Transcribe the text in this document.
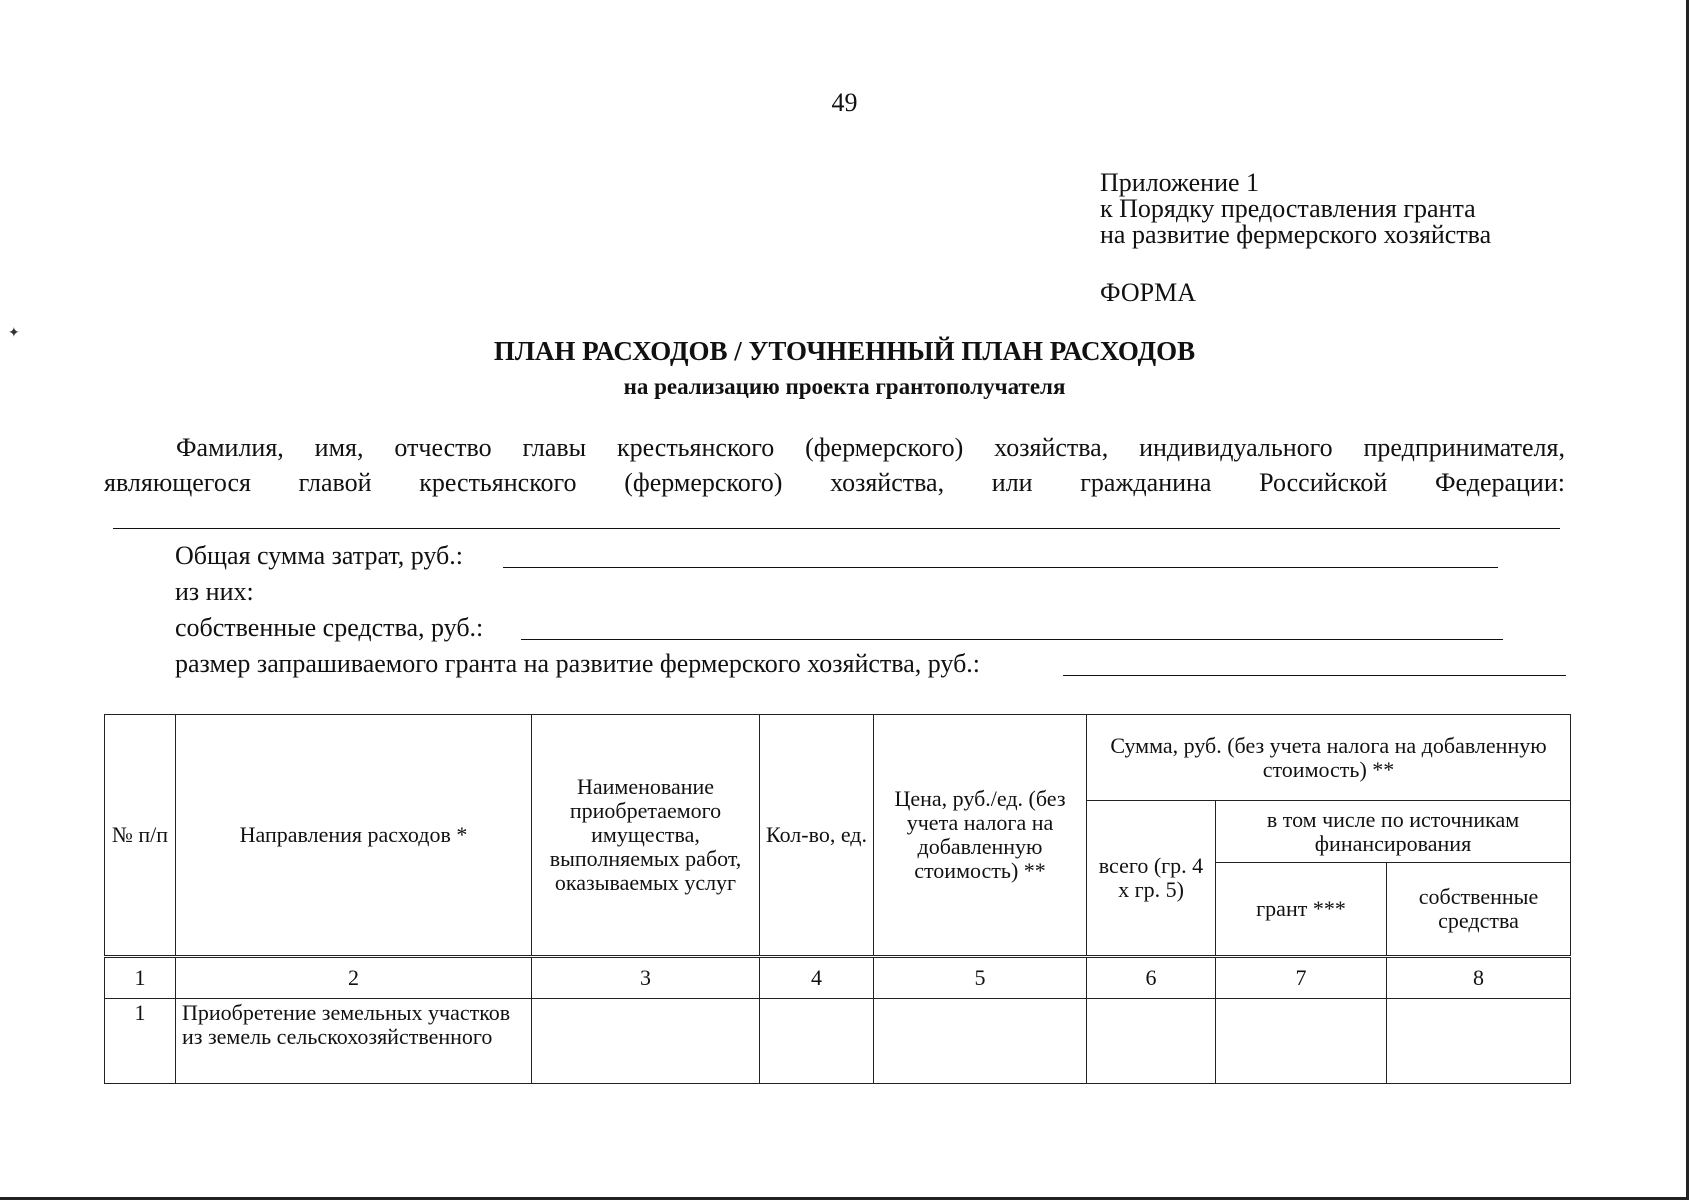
✦
49
Приложение 1
к Порядку предоставления гранта
на развитие фермерского хозяйства
ФОРМА
ПЛАН РАСХОДОВ / УТОЧНЕННЫЙ ПЛАН РАСХОДОВ
на реализацию проекта грантополучателя
Фамилия, имя, отчество главы крестьянского (фермерского) хозяйства, индивидуального предпринимателя,
являющегося главой крестьянского (фермерского) хозяйства, или гражданина Российской Федерации:
Общая сумма затрат, руб.:
из них:
собственные средства, руб.:
размер запрашиваемого гранта на развитие фермерского хозяйства, руб.:
№ п/п	Направления расходов *	Наименование приобретаемого имущества, выполняемых работ, оказываемых услуг	Кол-во, ед.	Цена, руб./ед. (без учета налога на добавленную стоимость) **	Сумма, руб. (без учета налога на добавленную стоимость) **		
					всего (гр. 4 х гр. 5)	в том числе по источникам финансирования	
						грант ***	собственные средства
1	2	3	4	5	6	7	8
1	Приобретение земельных участков из земель сельскохозяйственного						
